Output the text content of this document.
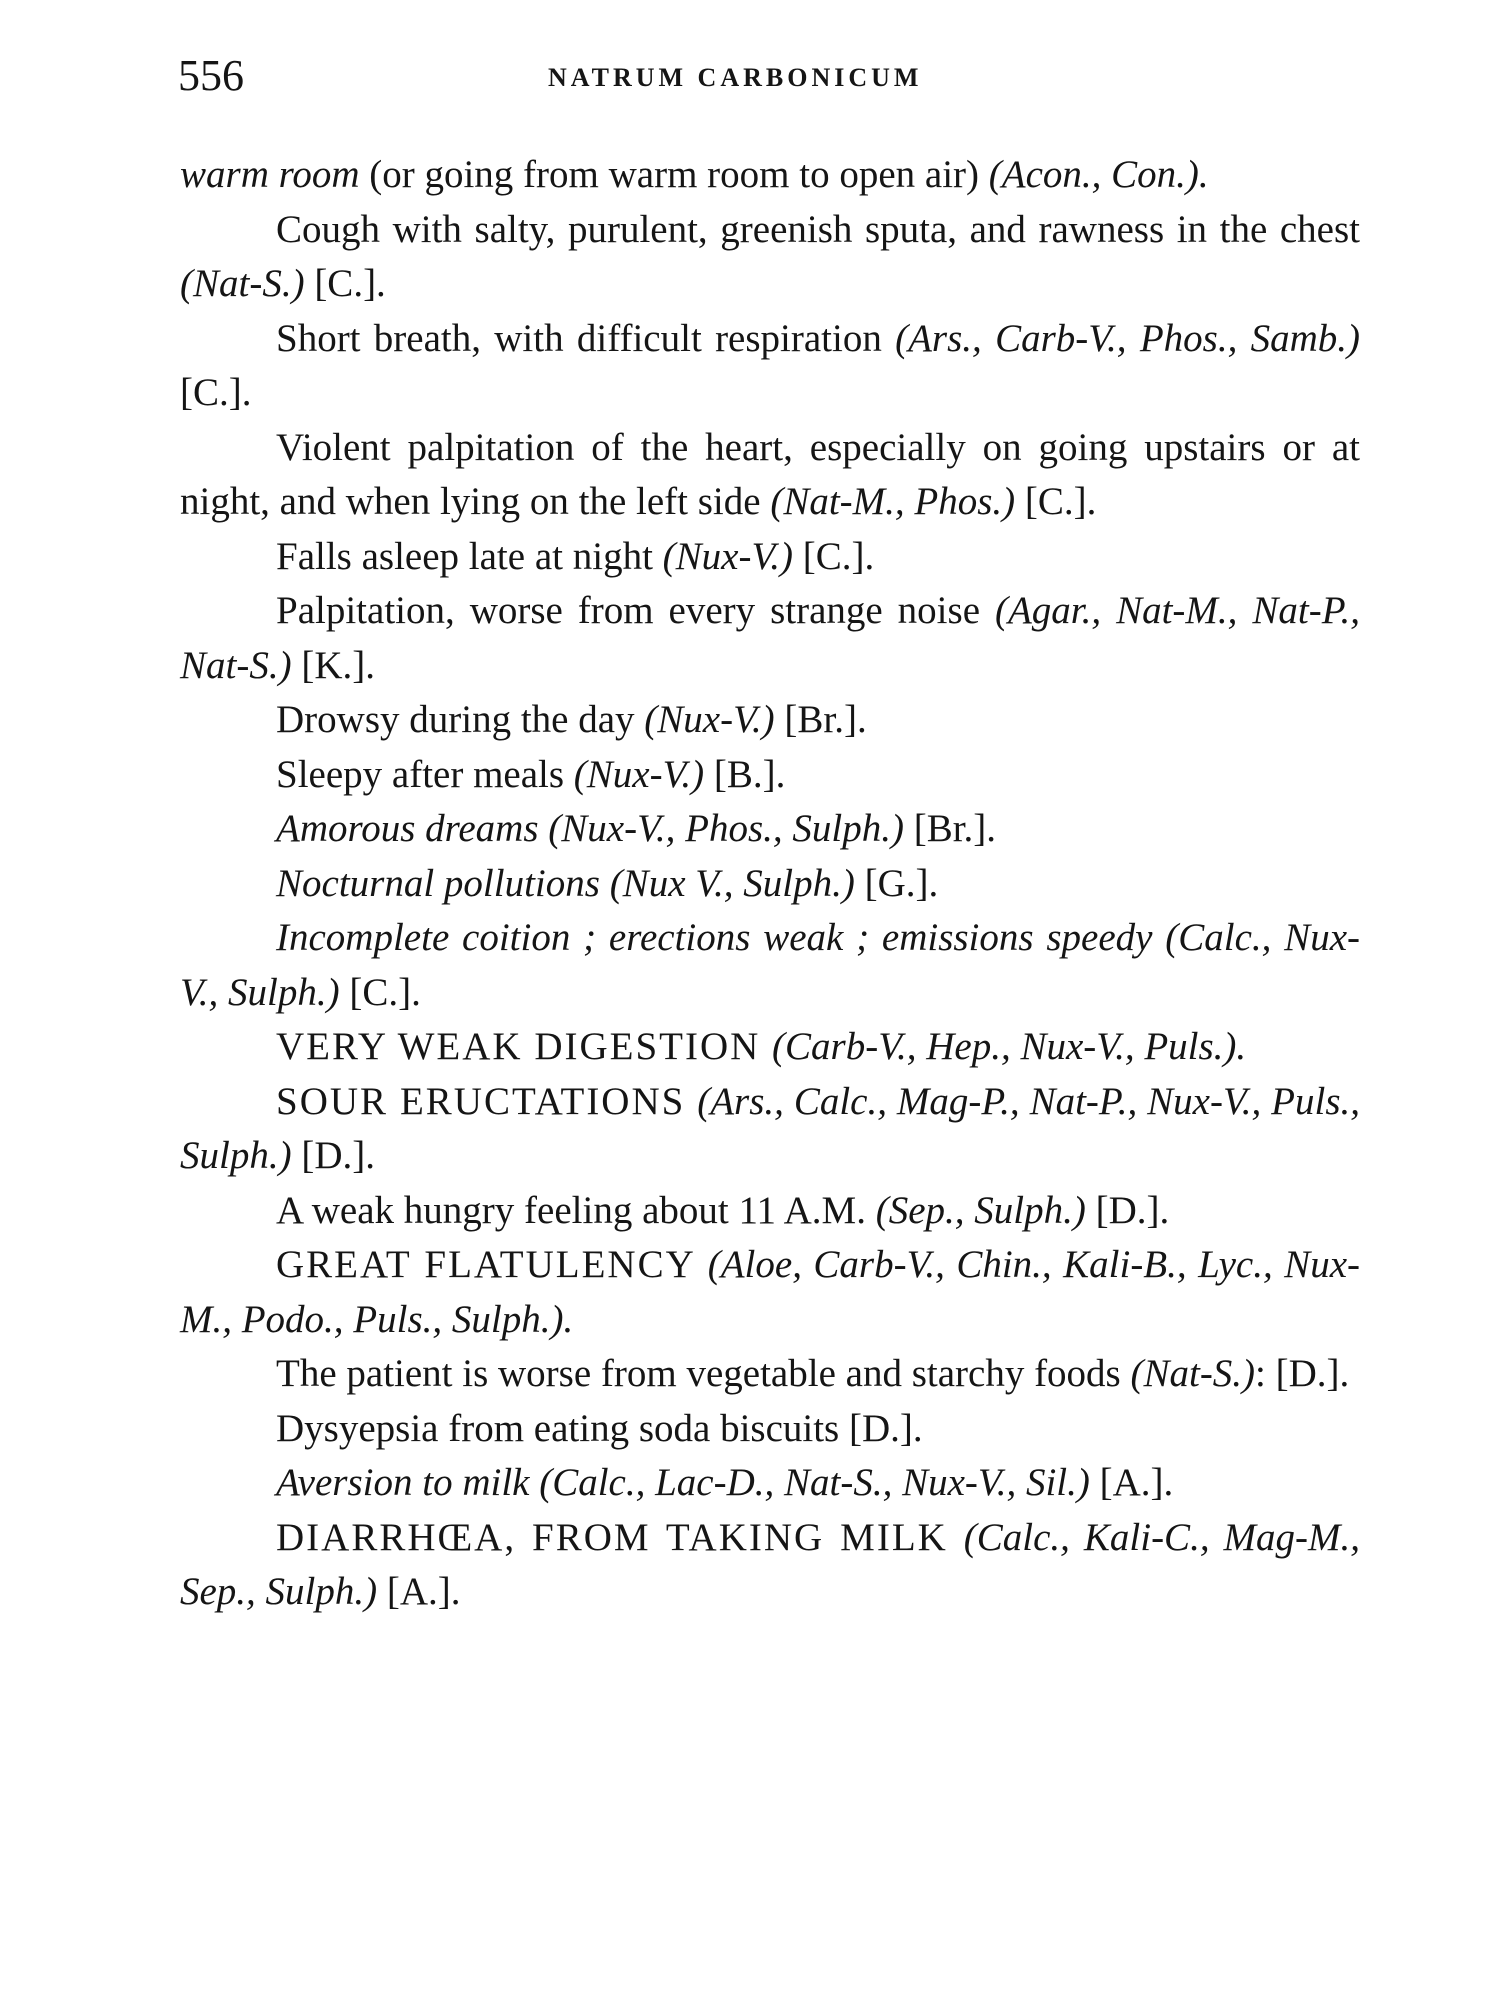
556	NATRUM CARBONICUM

warm room (or going from warm room to open air) (Acon., Con.).

Cough with salty, purulent, greenish sputa, and rawness in the chest (Nat-S.) [C.].

Short breath, with difficult respiration (Ars., Carb-V., Phos., Samb.) [C.].

Violent palpitation of the heart, especially on going upstairs or at night, and when lying on the left side (Nat-M., Phos.) [C.].

Falls asleep late at night (Nux-V.) [C.].

Palpitation, worse from every strange noise (Agar., Nat-M., Nat-P., Nat-S.) [K.].

Drowsy during the day (Nux-V.) [Br.].

Sleepy after meals (Nux-V.) [B.].

Amorous dreams (Nux-V., Phos., Sulph.) [Br.].

Nocturnal pollutions (Nux V., Sulph.) [G.].

Incomplete coition ; erections weak ; emissions speedy (Calc., Nux-V., Sulph.) [C.].

VERY WEAK DIGESTION (Carb-V., Hep., Nux-V., Puls.).

SOUR ERUCTATIONS (Ars., Calc., Mag-P., Nat-P., Nux-V., Puls., Sulph.) [D.].

A weak hungry feeling about 11 A.M. (Sep., Sulph.) [D.].

GREAT FLATULENCY (Aloe, Carb-V., Chin., Kali-B., Lyc., Nux-M., Podo., Puls., Sulph.).

The patient is worse from vegetable and starchy foods (Nat-S.): [D.].

Dysyepsia from eating soda biscuits [D.].

Aversion to milk (Calc., Lac-D., Nat-S., Nux-V., Sil.) [A.].

DIARRHŒA, FROM TAKING MILK (Calc., Kali-C., Mag-M., Sep., Sulph.) [A.].
